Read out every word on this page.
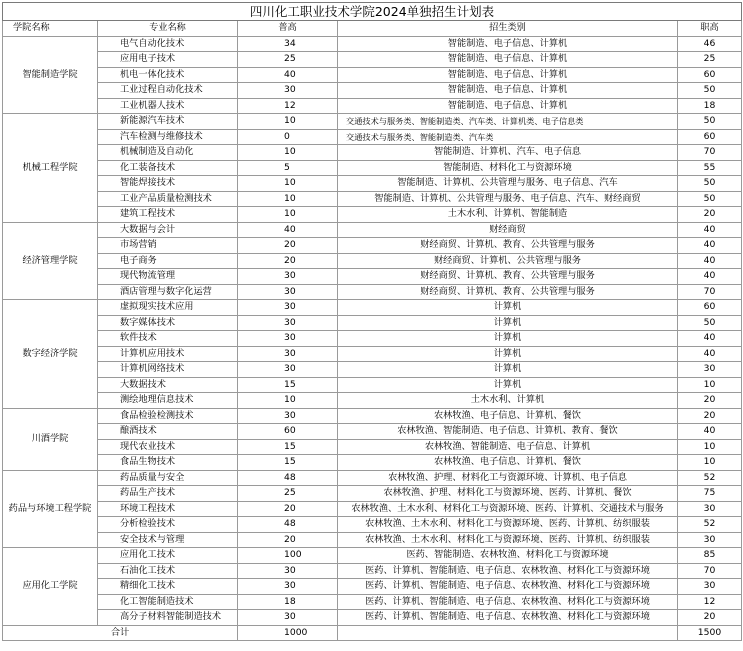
四川化工职业技术学院2024单独招生计划表				
学院名称	专业名称	普高	招生类别	职高

智能制造学院	电气自动化技术	34	智能制造、电子信息、计算机	46
	应用电子技术	25	智能制造、电子信息、计算机	25
	机电一体化技术	40	智能制造、电子信息、计算机	60
	工业过程自动化技术	30	智能制造、电子信息、计算机	50
	工业机器人技术	12	智能制造、电子信息、计算机	18

机械工程学院	新能源汽车技术	10	交通技术与服务类、智能制造类、汽车类、计算机类、电子信息类	50
	汽车检测与维修技术	0	交通技术与服务类、智能制造类、汽车类	60
	机械制造及自动化	10	智能制造、计算机、汽车、电子信息	70
	化工装备技术	5	智能制造、材料化工与资源环境	55
	智能焊接技术	10	智能制造、计算机、公共管理与服务、电子信息、汽车	50
	工业产品质量检测技术	10	智能制造、计算机、公共管理与服务、电子信息、汽车、财经商贸	50
	建筑工程技术	10	土木水利、计算机、智能制造	20

经济管理学院	大数据与会计	40	财经商贸	40
	市场营销	20	财经商贸、计算机、教育、公共管理与服务	40
	电子商务	20	财经商贸、计算机、公共管理与服务	40
	现代物流管理	30	财经商贸、计算机、教育、公共管理与服务	40
	酒店管理与数字化运营	30	财经商贸、计算机、教育、公共管理与服务	70

数字经济学院	虚拟现实技术应用	30	计算机	60
	数字媒体技术	30	计算机	50
	软件技术	30	计算机	40
	计算机应用技术	30	计算机	40
	计算机网络技术	30	计算机	30
	大数据技术	15	计算机	10
	测绘地理信息技术	10	土木水利、计算机	20

川酒学院	食品检验检测技术	30	农林牧渔、电子信息、计算机、餐饮	20
	酿酒技术	60	农林牧渔、智能制造、电子信息、计算机、教育、餐饮	40
	现代农业技术	15	农林牧渔、智能制造、电子信息、计算机	10
	食品生物技术	15	农林牧渔、电子信息、计算机、餐饮	10

药品与环境工程学院	药品质量与安全	48	农林牧渔、护理、材料化工与资源环境、计算机、电子信息	52
	药品生产技术	25	农林牧渔、护理、材料化工与资源环境、医药、计算机、餐饮	75
	环境工程技术	20	农林牧渔、土木水利、材料化工与资源环境、医药、计算机、交通技术与服务	30
	分析检验技术	48	农林牧渔、土木水利、材料化工与资源环境、医药、计算机、纺织服装	52
	安全技术与管理	20	农林牧渔、土木水利、材料化工与资源环境、医药、计算机、纺织服装	30

应用化工学院	应用化工技术	100	医药、智能制造、农林牧渔、材料化工与资源环境	85
	石油化工技术	30	医药、计算机、智能制造、电子信息、农林牧渔、材料化工与资源环境	70
	精细化工技术	30	医药、计算机、智能制造、电子信息、农林牧渔、材料化工与资源环境	30
	化工智能制造技术	18	医药、计算机、智能制造、电子信息、农林牧渔、材料化工与资源环境	12
	高分子材料智能制造技术	30	医药、计算机、智能制造、电子信息、农林牧渔、材料化工与资源环境	20
合计		1000		1500
